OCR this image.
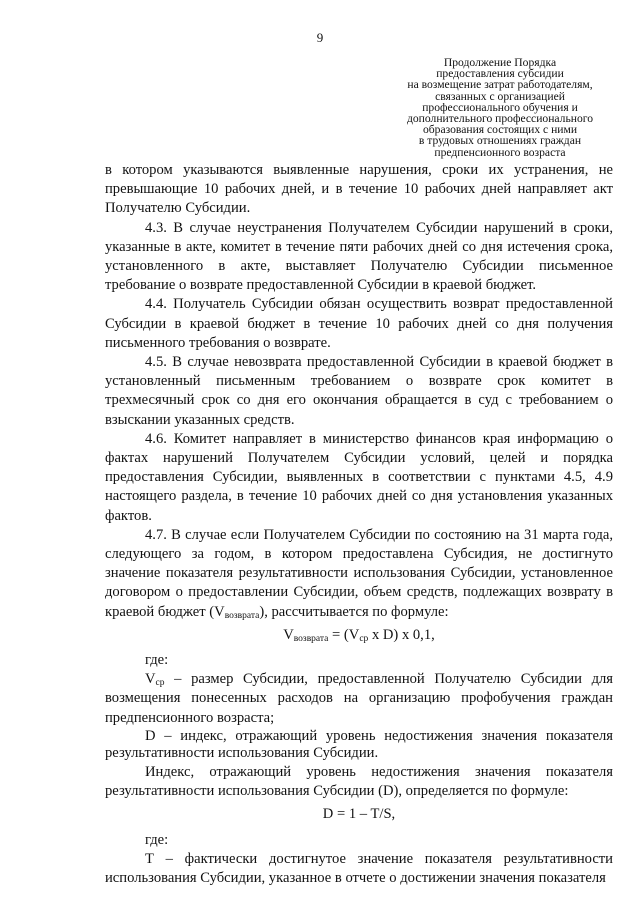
9
Продолжение Порядка
предоставления субсидии
на возмещение затрат работодателям,
связанных с организацией
профессионального обучения и
дополнительного профессионального
образования состоящих с ними
в трудовых отношениях граждан
предпенсионного возраста

в котором указываются выявленные нарушения, сроки их устранения, не превышающие 10 рабочих дней, и в течение 10 рабочих дней направляет акт Получателю Субсидии.

4.3. В случае неустранения Получателем Субсидии нарушений в сроки, указанные в акте, комитет в течение пяти рабочих дней со дня истечения срока, установленного в акте, выставляет Получателю Субсидии письменное требование о возврате предоставленной Субсидии в краевой бюджет.

4.4. Получатель Субсидии обязан осуществить возврат предоставленной Субсидии в краевой бюджет в течение 10 рабочих дней со дня получения письменного требования о возврате.

4.5. В случае невозврата предоставленной Субсидии в краевой бюджет в установленный письменным требованием о возврате срок комитет в трехмесячный срок со дня его окончания обращается в суд с требованием о взыскании указанных средств.

4.6. Комитет направляет в министерство финансов края информацию о фактах нарушений Получателем Субсидии условий, целей и порядка предоставления Субсидии, выявленных в соответствии с пунктами 4.5, 4.9 настоящего раздела, в течение 10 рабочих дней со дня установления указанных фактов.

4.7. В случае если Получателем Субсидии по состоянию на 31 марта года, следующего за годом, в котором предоставлена Субсидия, не достигнуто значение показателя результативности использования Субсидии, установленное договором о предоставлении Субсидии, объем средств, подлежащих возврату в краевой бюджет $(V_{возврата})$, рассчитывается по формуле:

$V_{возврата} = (V_{ср}$ x D) x 0,1,

где:

$V_{ср}$ – размер Субсидии, предоставленной Получателю Субсидии для возмещения понесенных расходов на организацию профобучения граждан предпенсионного возраста;

D – индекс, отражающий уровень недостижения значения показателя результативности использования Субсидии.

Индекс, отражающий уровень недостижения значения показателя результативности использования Субсидии (D), определяется по формуле:

D = 1 – T/S,

где:

Т – фактически достигнутое значение показателя результативности использования Субсидии, указанное в отчете о достижении значения показателя
